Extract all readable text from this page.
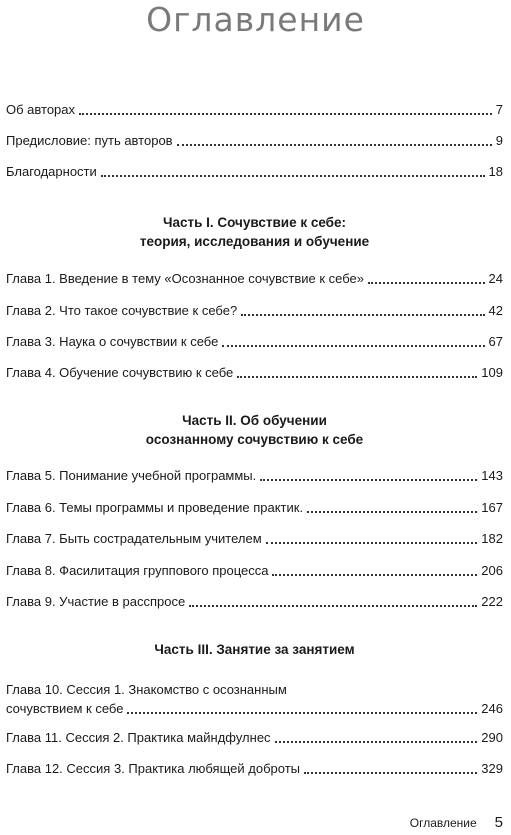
Оглавление
Об авторах	7
Предисловие: путь авторов	9
Благодарности	18
Часть I. Сочувствие к себе:
теория, исследования и обучение
Глава 1. Введение в тему «Осознанное сочувствие к себе»	24
Глава 2. Что такое сочувствие к себе?	42
Глава 3. Наука о сочувствии к себе	67
Глава 4. Обучение сочувствию к себе	109
Часть II. Об обучении
осознанному сочувствию к себе
Глава 5. Понимание учебной программы.	143
Глава 6. Темы программы и проведение практик.	167
Глава 7. Быть сострадательным учителем	182
Глава 8. Фасилитация группового процесса	206
Глава 9. Участие в расспросе	222
Часть III. Занятие за занятием
Глава 10. Сессия 1. Знакомство с осознанным
сочувствием к себе	246
Глава 11. Сессия 2. Практика майндфулнес	290
Глава 12. Сессия 3. Практика любящей доброты	329
Оглавление 5
